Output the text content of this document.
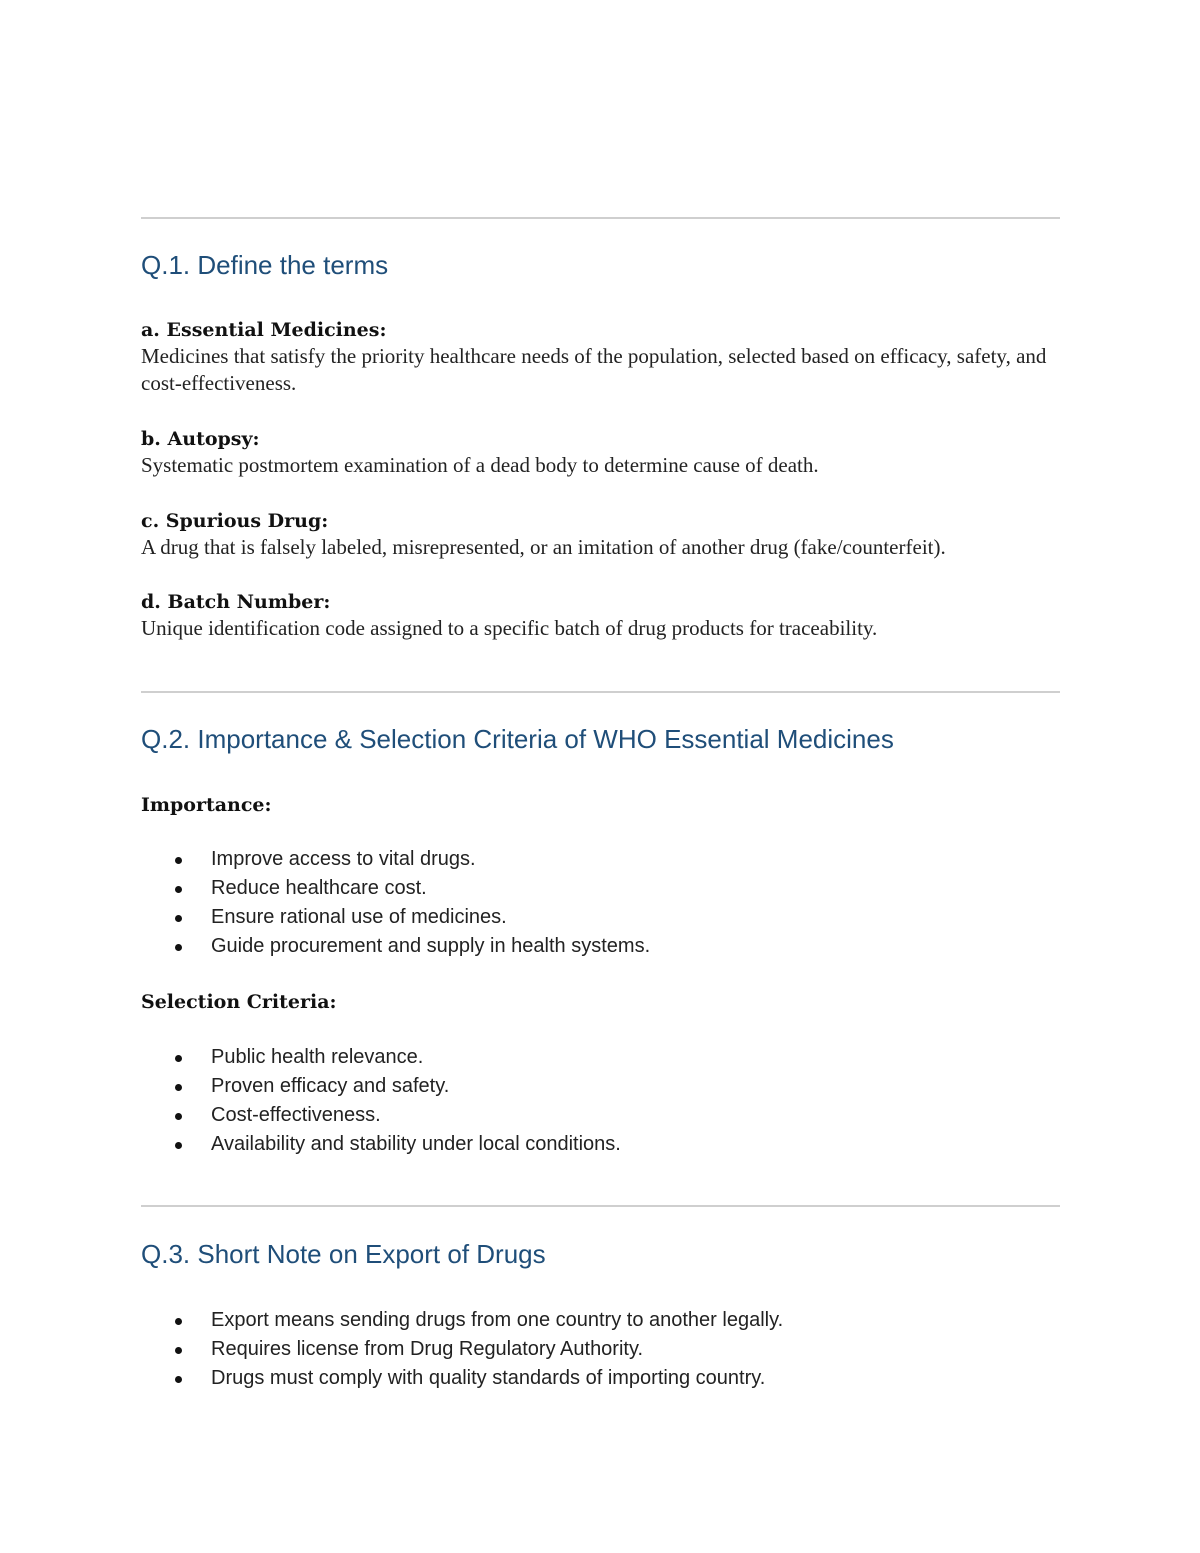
Q.1. Define the terms

a. Essential Medicines:

Medicines that satisfy the priority healthcare needs of the population, selected based on efficacy, safety, and cost-effectiveness.

b. Autopsy:

Systematic postmortem examination of a dead body to determine cause of death.

c. Spurious Drug:

A drug that is falsely labeled, misrepresented, or an imitation of another drug (fake/counterfeit).

d. Batch Number:

Unique identification code assigned to a specific batch of drug products for traceability.

Q.2. Importance & Selection Criteria of WHO Essential Medicines

Importance:

Improve access to vital drugs.
Reduce healthcare cost.
Ensure rational use of medicines.
Guide procurement and supply in health systems.

Selection Criteria:

Public health relevance.
Proven efficacy and safety.
Cost-effectiveness.
Availability and stability under local conditions.
Q.3. Short Note on Export of Drugs
Export means sending drugs from one country to another legally.
Requires license from Drug Regulatory Authority.
Drugs must comply with quality standards of importing country.
